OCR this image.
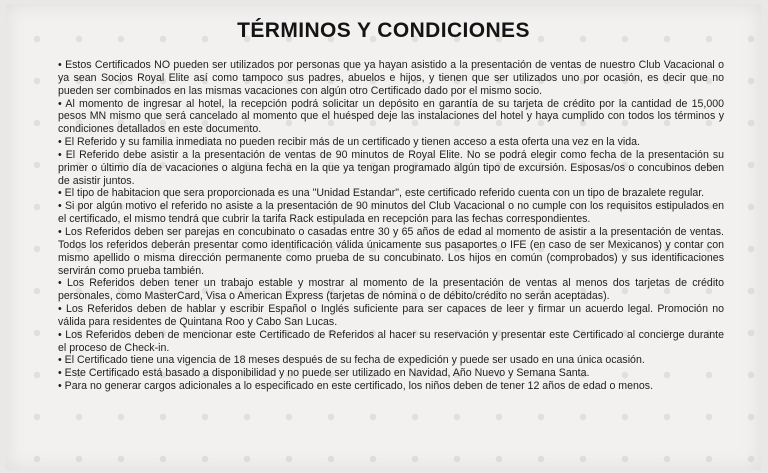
TÉRMINOS Y CONDICIONES
• Estos Certificados NO pueden ser utilizados por personas que ya hayan asistido a la presentación de ventas de nuestro Club Vacacional o ya sean Socios Royal Elite así como tampoco sus padres, abuelos e hijos, y tienen que ser utilizados uno por ocasión, es decir que no pueden ser combinados en las mismas vacaciones con algún otro Certificado dado por el mismo socio.
• Al momento de ingresar al hotel, la recepción podrá solicitar un depósito en garantía de su tarjeta de crédito por la cantidad de 15,000 pesos MN mismo que será cancelado al momento que el huésped deje las instalaciones del hotel y haya cumplido con todos los términos y condiciones detallados en este documento.
• El Referido y su familia inmediata no pueden recibir más de un certificado y tienen acceso a esta oferta una vez en la vida.
• El Referido debe asistir a la presentación de ventas de 90 minutos de Royal Elite. No se podrá elegir como fecha de la presentación su primer o último día de vacaciones o alguna fecha en la que ya tengan programado algún tipo de excursión. Esposas/os o concubinos deben de asistir juntos.
• El tipo de habitacion que sera proporcionada es una "Unidad Estandar", este certificado referido cuenta con un tipo de brazalete regular.
• Si por algún motivo el referido no asiste a la presentación de 90 minutos del Club Vacacional o no cumple con los requisitos estipulados en el certificado, el mismo tendrá que cubrir la tarifa Rack estipulada en recepción para las fechas correspondientes.
• Los Referidos deben ser parejas en concubinato o casadas entre 30 y 65 años de edad al momento de asistir a la presentación de ventas. Todos los referidos deberán presentar como identificación válida únicamente sus pasaportes o IFE (en caso de ser Mexicanos) y contar con mismo apellido o misma dirección permanente como prueba de su concubinato. Los hijos en común (comprobados) y sus identificaciones servirán como prueba también.
• Los Referidos deben tener un trabajo estable y mostrar al momento de la presentación de ventas al menos dos tarjetas de crédito personales, como MasterCard, Visa o American Express (tarjetas de nómina o de débito/crédito no serán aceptadas).
• Los Referidos deben de hablar y escribir Español o Inglés suficiente para ser capaces de leer y firmar un acuerdo legal. Promoción no válida para residentes de Quintana Roo y Cabo San Lucas.
• Los Referidos deben de mencionar este Certificado de Referidos al hacer su reservación y presentar este Certificado al concierge durante el proceso de Check-in.
• El Certificado tiene una vigencia de 18 meses después de su fecha de expedición y puede ser usado en una única ocasión.
• Este Certificado está basado a disponibilidad y no puede ser utilizado en Navidad, Año Nuevo y Semana Santa.
• Para no generar cargos adicionales a lo especificado en este certificado, los niños deben de tener 12 años de edad o menos.
